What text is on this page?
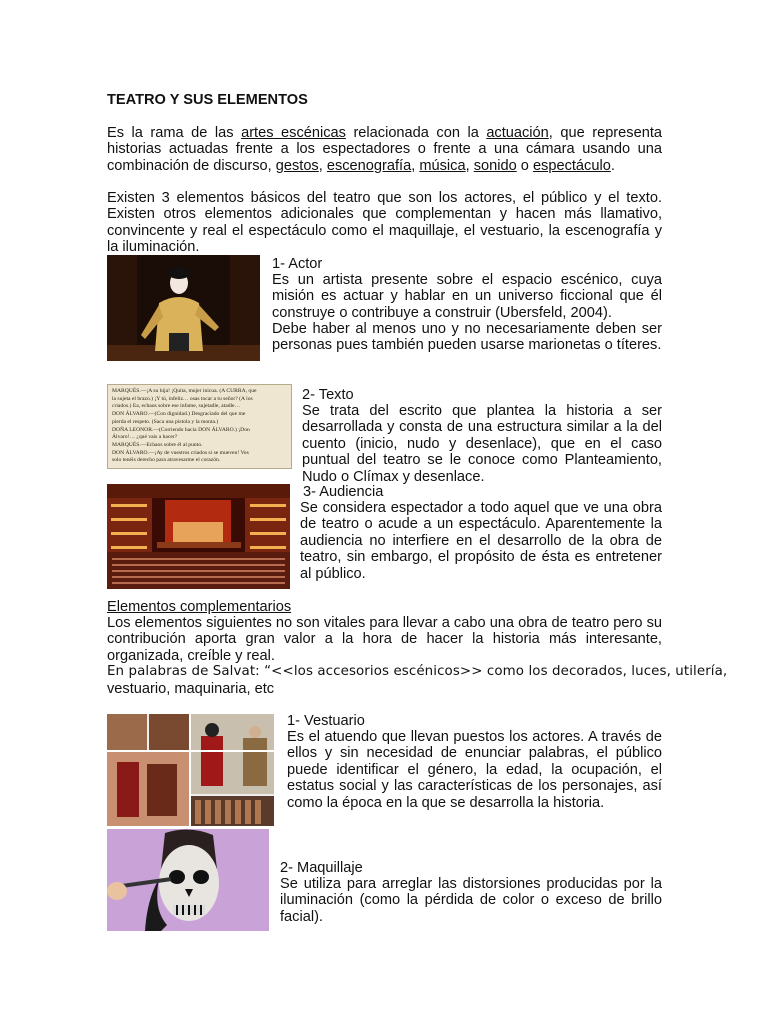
TEATRO Y SUS ELEMENTOS
Es la rama de las artes escénicas relacionada con la actuación, que representa historias actuadas frente a los espectadores o frente a una cámara usando una combinación de discurso, gestos, escenografía, música, sonido o espectáculo.
Existen 3 elementos básicos del teatro que son los actores, el público y el texto. Existen otros elementos adicionales que complementan y hacen más llamativo, convincente y real el espectáculo como el maquillaje, el vestuario, la escenografía y la iluminación.
1- Actor
Es un artista presente sobre el espacio escénico, cuya misión es actuar y hablar en un universo ficcional que él construye o contribuye a construir (Ubersfeld, 2004).
Debe haber al menos uno y no necesariamente deben ser personas pues también pueden usarse marionetas o títeres.
MARQUÉS.—¡A su hija! ¡Quita, mujer inicua. (A CURRA, que
la sujeta el brazo.) ¡Y tú, infeliz… osas tocar a tu señor? (A los
criados.) Ea, echaos sobre ese infame, sujetadle, atadle…
DON ÁLVARO.—(Con dignidad.) Desgraciado del que me
pierda el respeto. (Saca una pistola y la monta.)
DOÑA LEONOR.—(Corriendo hacia DON ÁLVARO.) ¡Don
Álvaro!… ¿qué vais a hacer?
MARQUÉS.—Echaos sobre él al punto.
DON ÁLVARO.—¡Ay de vuestros criados si se mueven! Vos
solo tenéis derecho para atravesarme el corazón.
2- Texto
Se trata del escrito que plantea la historia a ser desarrollada y consta de una estructura similar a la del cuento (inicio, nudo y desenlace), que en el caso puntual del teatro se le conoce como Planteamiento, Nudo o Clímax y desenlace.
3- Audiencia
Se considera espectador a todo aquel que ve una obra de teatro o acude a un espectáculo. Aparentemente la audiencia no interfiere en el desarrollo de la obra de teatro, sin embargo, el propósito de ésta es entretener al público.
Elementos complementarios
Los elementos siguientes no son vitales para llevar a cabo una obra de teatro pero su contribución aporta gran valor a la hora de hacer la historia más interesante, organizada, creíble y real.
En palabras de Salvat: “<<los accesorios escénicos>> como los decorados, luces, utilería,
vestuario, maquinaria, etc
1- Vestuario
Es el atuendo que llevan puestos los actores. A través de ellos y sin necesidad de enunciar palabras, el público puede identificar el género, la edad, la ocupación, el estatus social y las características de los personajes, así como la época en la que se desarrolla la historia.
2- Maquillaje
Se utiliza para arreglar las distorsiones producidas por la iluminación (como la pérdida de color o exceso de brillo facial).
